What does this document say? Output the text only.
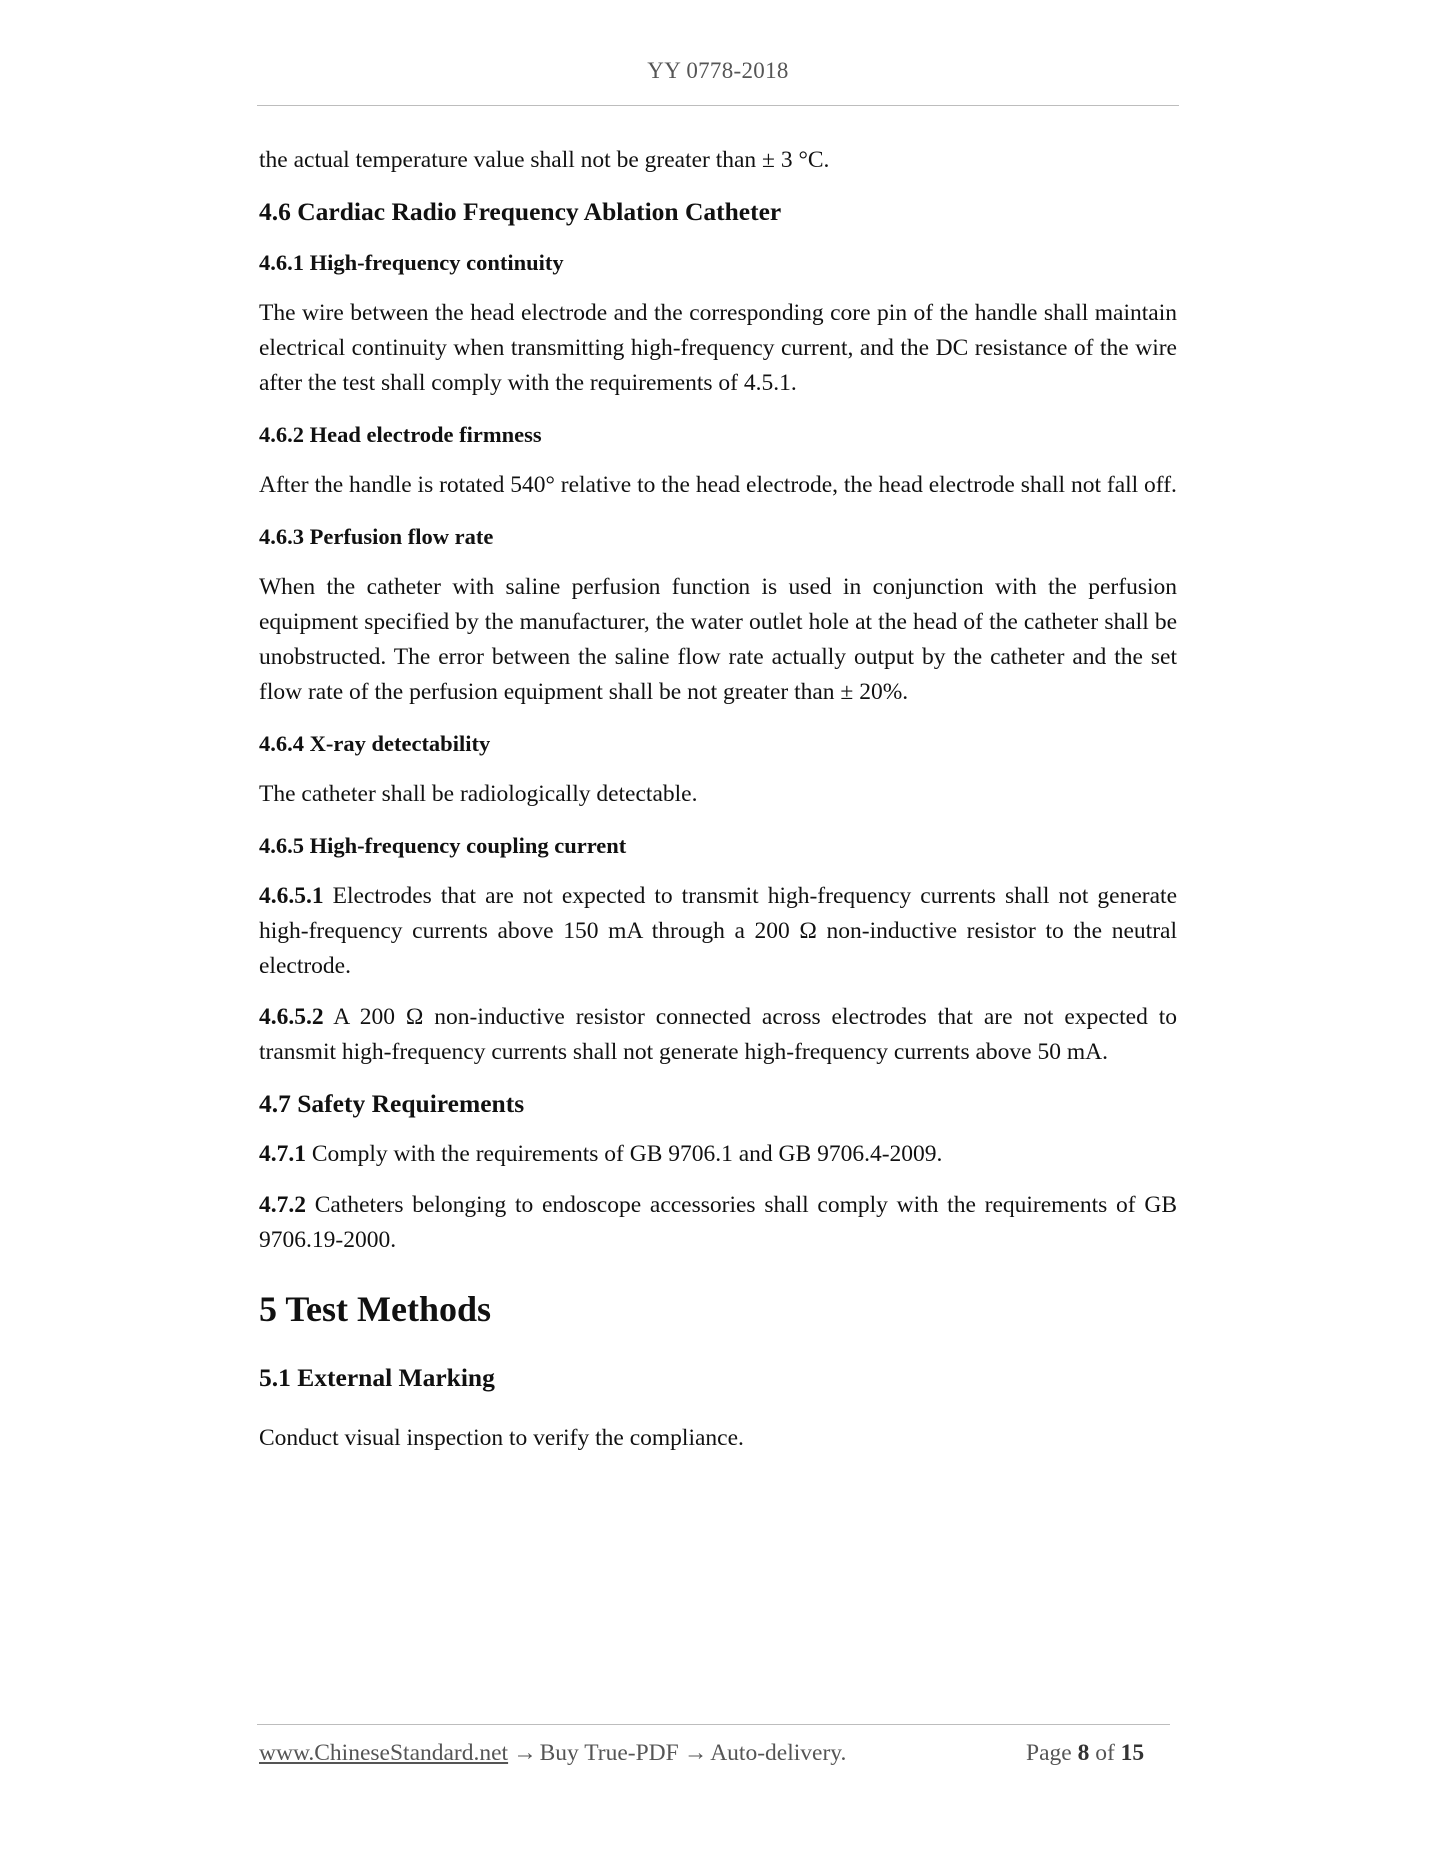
YY 0778-2018

the actual temperature value shall not be greater than ± 3 °C.

4.6 Cardiac Radio Frequency Ablation Catheter
4.6.1 High-frequency continuity

The wire between the head electrode and the corresponding core pin of the handle shall maintain electrical continuity when transmitting high-frequency current, and the DC resistance of the wire after the test shall comply with the requirements of 4.5.1.

4.6.2 Head electrode firmness

After the handle is rotated 540° relative to the head electrode, the head electrode shall not fall off.

4.6.3 Perfusion flow rate

When the catheter with saline perfusion function is used in conjunction with the perfusion equipment specified by the manufacturer, the water outlet hole at the head of the catheter shall be unobstructed. The error between the saline flow rate actually output by the catheter and the set flow rate of the perfusion equipment shall be not greater than ± 20%.

4.6.4 X-ray detectability

The catheter shall be radiologically detectable.

4.6.5 High-frequency coupling current

4.6.5.1 Electrodes that are not expected to transmit high-frequency currents shall not generate high-frequency currents above 150 mA through a 200 Ω non-inductive resistor to the neutral electrode.

4.6.5.2 A 200 Ω non-inductive resistor connected across electrodes that are not expected to transmit high-frequency currents shall not generate high-frequency currents above 50 mA.

4.7 Safety Requirements

4.7.1 Comply with the requirements of GB 9706.1 and GB 9706.4-2009.

4.7.2 Catheters belonging to endoscope accessories shall comply with the requirements of GB 9706.19-2000.

5 Test Methods
5.1 External Marking

Conduct visual inspection to verify the compliance.

www.ChineseStandard.net → Buy True-PDF → Auto-delivery.	Page 8 of 15
